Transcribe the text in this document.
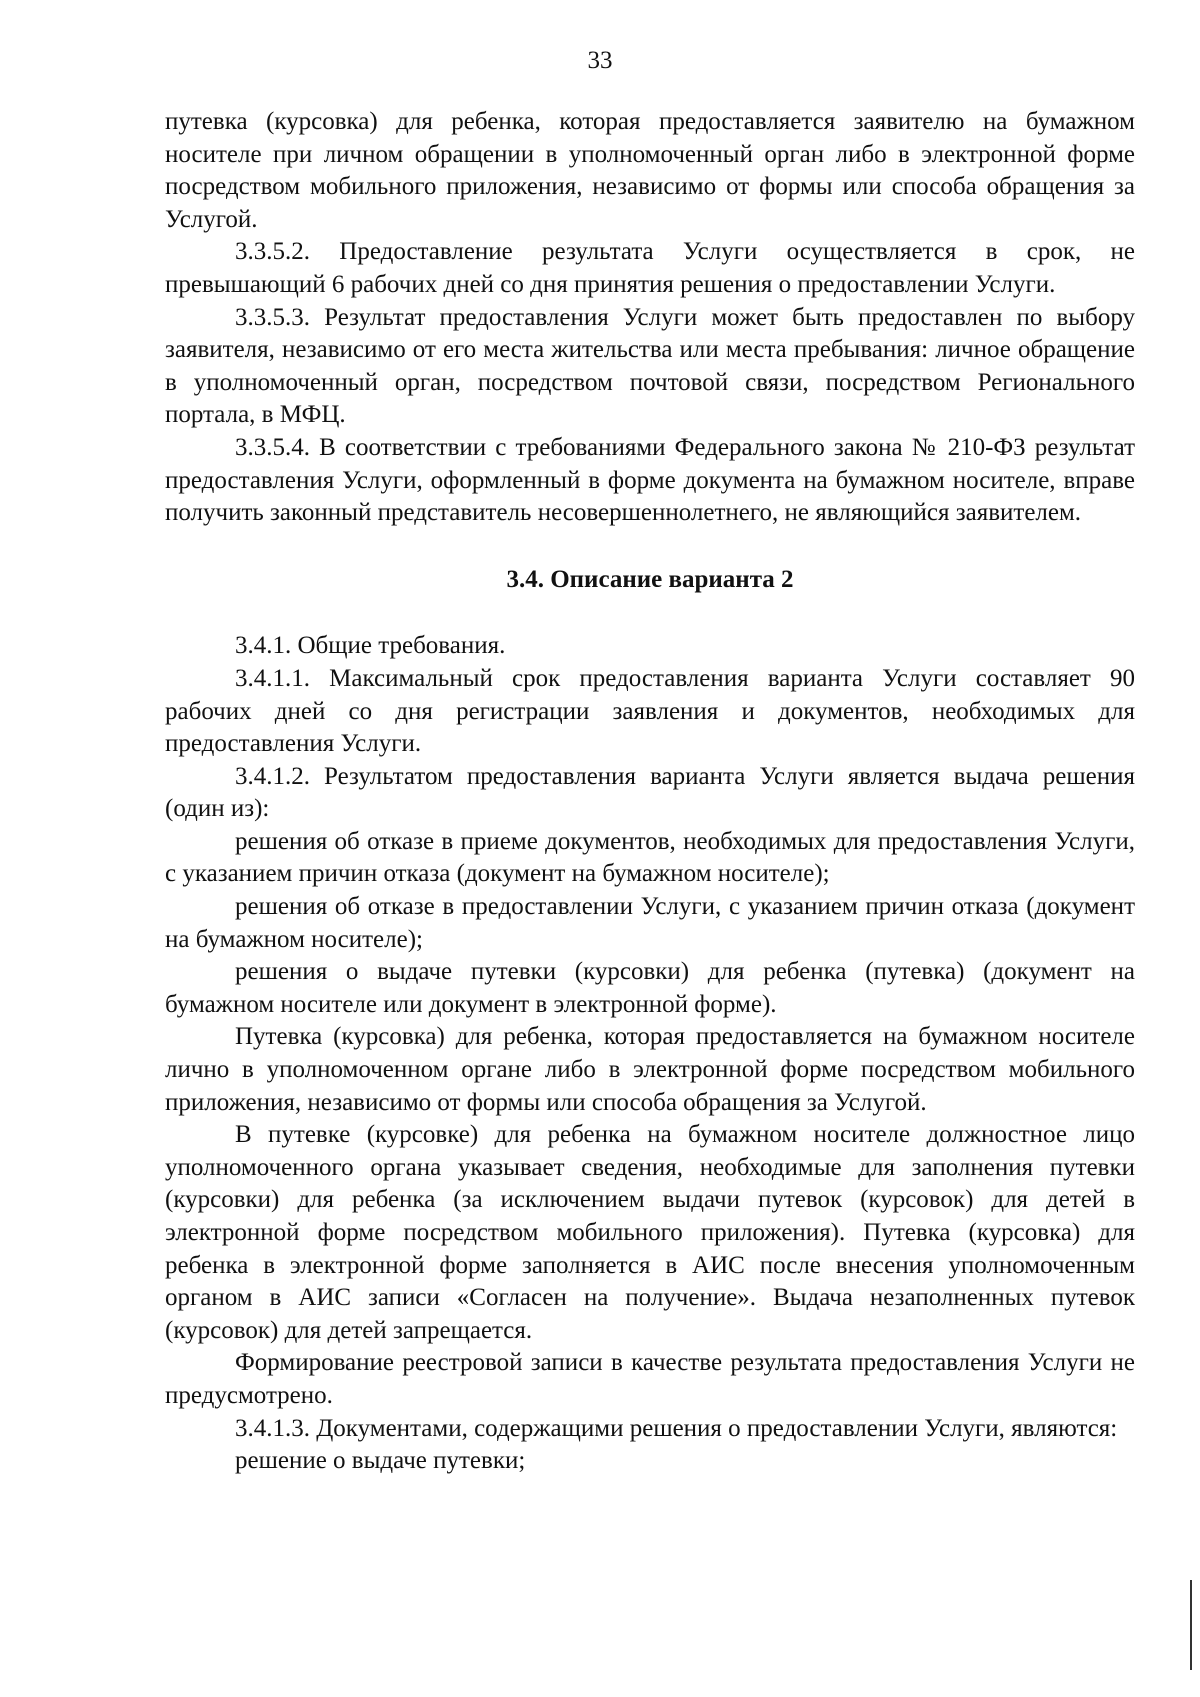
33

путевка (курсовка) для ребенка, которая предоставляется заявителю на бумажном носителе при личном обращении в уполномоченный орган либо в электронной форме посредством мобильного приложения, независимо от формы или способа обращения за Услугой.

3.3.5.2. Предоставление результата Услуги осуществляется в срок, не превышающий 6 рабочих дней со дня принятия решения о предоставлении Услуги.

3.3.5.3. Результат предоставления Услуги может быть предоставлен по выбору заявителя, независимо от его места жительства или места пребывания: личное обращение в уполномоченный орган, посредством почтовой связи, посредством Регионального портала, в МФЦ.

3.3.5.4. В соответствии с требованиями Федерального закона № 210-ФЗ результат предоставления Услуги, оформленный в форме документа на бумажном носителе, вправе получить законный представитель несовершеннолетнего, не являющийся заявителем.

3.4. Описание варианта 2

3.4.1. Общие требования.

3.4.1.1. Максимальный срок предоставления варианта Услуги составляет 90 рабочих дней со дня регистрации заявления и документов, необходимых для предоставления Услуги.

3.4.1.2. Результатом предоставления варианта Услуги является выдача решения (один из):

решения об отказе в приеме документов, необходимых для предоставления Услуги, с указанием причин отказа (документ на бумажном носителе);

решения об отказе в предоставлении Услуги, с указанием причин отказа (документ на бумажном носителе);

решения о выдаче путевки (курсовки) для ребенка (путевка) (документ на бумажном носителе или документ в электронной форме).

Путевка (курсовка) для ребенка, которая предоставляется на бумажном носителе лично в уполномоченном органе либо в электронной форме посредством мобильного приложения, независимо от формы или способа обращения за Услугой.

В путевке (курсовке) для ребенка на бумажном носителе должностное лицо уполномоченного органа указывает сведения, необходимые для заполнения путевки (курсовки) для ребенка (за исключением выдачи путевок (курсовок) для детей в электронной форме посредством мобильного приложения). Путевка (курсовка) для ребенка в электронной форме заполняется в АИС после внесения уполномоченным органом в АИС записи «Согласен на получение». Выдача незаполненных путевок (курсовок) для детей запрещается.

Формирование реестровой записи в качестве результата предоставления Услуги не предусмотрено.

3.4.1.3. Документами, содержащими решения о предоставлении Услуги, являются:

решение о выдаче путевки;
